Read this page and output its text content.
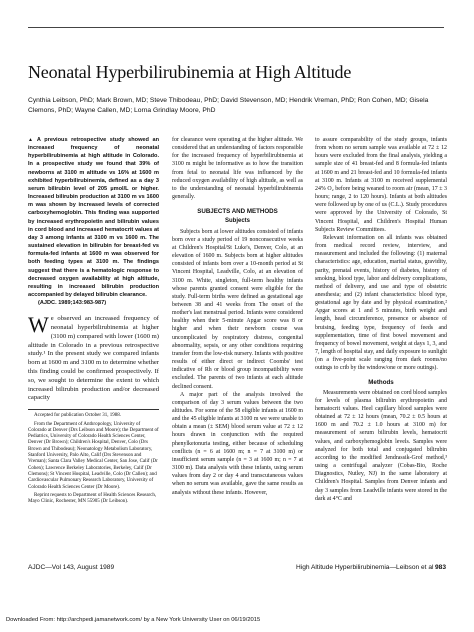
Neonatal Hyperbilirubinemia at High Altitude
Cynthia Leibson, PhD; Mark Brown, MD; Steve Thibodeau, PhD; David Stevenson, MD; Hendrik Vreman, PhD; Ron Cohen, MD; Gisela Clemons, PhD; Wayne Callen, MD; Lorna Grindlay Moore, PhD
▲ A previous retrospective study showed an increased frequency of neonatal hyperbilirubinemia at high altitude in Colorado. In a prospective study we found that 39% of newborns at 3100 m altitude vs 16% at 1600 m exhibited hyperbilirubinemia, defined as a day 3 serum bilirubin level of 205 µmol/L or higher. Increased bilirubin production at 3100 m vs 1600 m was shown by increased levels of corrected carboxyhemoglobin. This finding was supported by increased erythropoietin and bilirubin values in cord blood and increased hematocrit values at day 3 among infants at 3100 m vs 1600 m. The sustained elevation in bilirubin for breast-fed vs formula-fed infants at 1600 m was observed for both feeding types at 3100 m. The findings suggest that there is a hematologic response to decreased oxygen availability at high altitude, resulting in increased bilirubin production accompanied by delayed bilirubin clearance.
(AJDC. 1989;143:983-987)
We observed an increased frequency of neonatal hyperbilirubinemia at higher (3100 m) compared with lower (1600 m) altitude in Colorado in a previous retrospective study.¹ In the present study we compared infants born at 1600 m and 3100 m to determine whether this finding could be confirmed prospectively. If so, we sought to determine the extent to which increased bilirubin production and/or decreased capacity

Accepted for publication October 31, 1988.

From the Department of Anthropology, University of Colorado at Denver (Drs Leibson and Moore); the Department of Pediatrics, University of Colorado Health Sciences Center, Denver (Dr Brown); Children's Hospital, Denver, Colo (Drs Brown and Thibodeau); Neonatology Metabolism Laboratory, Stanford University, Palo Alto, Calif (Drs Stevenson and Vreman); Santa Clara Valley Medical Center, San Jose, Calif (Dr Cohen); Lawrence Berkeley Laboratories, Berkeley, Calif (Dr Clemons); St Vincent Hospital, Leadville, Colo (Dr Callen); and Cardiovascular Pulmonary Research Laboratory, University of Colorado Health Sciences Center (Dr Moore).

Reprint requests to Department of Health Sciences Research, Mayo Clinic, Rochester, MN 55905 (Dr Leibson).

for clearance were operating at the higher altitude. We considered that an understanding of factors responsible for the increased frequency of hyperbilirubinemia at 3100 m might be informative as to how the transition from fetal to neonatal life was influenced by the reduced oxygen availability of high altitude, as well as to the understanding of neonatal hyperbilirubinemia generally.

SUBJECTS AND METHODS
Subjects

Subjects born at lower altitudes consisted of infants born over a study period of 19 nonconsecutive weeks at Children's Hospital/St Luke's, Denver, Colo, at an elevation of 1600 m. Subjects born at higher altitudes consisted of infants born over a 10-month period at St Vincent Hospital, Leadville, Colo, at an elevation of 3100 m. White, singleton, full-term healthy infants whose parents granted consent were eligible for the study. Full-term births were defined as gestational age between 38 and 41 weeks from The onset of the mother's last menstrual period. Infants were considered healthy when their 5-minute Apgar score was 8 or higher and when their newborn course was uncomplicated by respiratory distress, congenital abnormality, sepsis, or any other conditions requiring transfer from the low-risk nursery. Infants with positive results of either direct or indirect Coombs' test indicative of Rh or blood group incompatibility were excluded. The parents of two infants at each altitude declined consent.

A major part of the analysis involved the comparison of day 3 serum values between the two altitudes. For some of the 58 eligible infants at 1600 m and the 45 eligible infants at 3100 m we were unable to obtain a mean (± SEM) blood serum value at 72 ± 12 hours drawn in conjunction with the required phenylketonuria testing, either because of scheduling conflicts (n = 6 at 1600 m; n = 7 at 3100 m) or insufficient serum sample (n = 3 at 1600 m; n = 7 at 3100 m). Data analysis with these infants, using serum values from day 2 or day 4 and transcutaneous values when no serum was available, gave the same results as analysis without these infants. However,

to assure comparability of the study groups, infants from whom no serum sample was available at 72 ± 12 hours were excluded from the final analysis, yielding a sample size of 41 breast-fed and 8 formula-fed infants at 1600 m and 21 breast-fed and 10 formula-fed infants at 3100 m. Infants at 3100 m received supplemental 24% O₂ before being weaned to room air (mean, 17 ± 3 hours; range, 2 to 120 hours). Infants at both altitudes were followed up by one of us (C.L.). Study procedures were approved by the University of Colorado, St Vincent Hospital, and Children's Hospital Human Subjects Review Committees.

Relevant information on all infants was obtained from medical record review, interview, and measurement and included the following: (1) maternal characteristics: age, education, marital status, gravidity, parity, prenatal events, history of diabetes, history of smoking, blood type, labor and delivery complications, method of delivery, and use and type of obstetric anesthesia; and (2) infant characteristics: blood type, gestational age by date and by physical examination,² Apgar scores at 1 and 5 minutes, birth weight and length, head circumference, presence or absence of bruising, feeding type, frequency of feeds and supplementation, time of first bowel movement and frequency of bowel movement, weight at days 1, 3, and 7, length of hospital stay, and daily exposure to sunlight (on a five-point scale ranging from dark rooms/no outings to crib by the window/one or more outings).

Methods

Measurements were obtained on cord blood samples for levels of plasma bilirubin erythropoietin and hematocrit values. Heel capillary blood samples were obtained at 72 ± 12 hours (mean, 70.2 ± 0.5 hours at 1600 m and 70.2 ± 1.0 hours at 3100 m) for measurement of serum bilirubin levels, hematocrit values, and carboxyhemoglobin levels. Samples were analyzed for both total and conjugated bilirubin according to the modified Jendrassik-Grof method,³ using a centrifugal analyzer (Cobas-Bio, Roche Diagnostics, Nutley, NJ) in the same laboratory at Children's Hospital. Samples from Denver infants and day 3 samples from Leadville infants were stored in the dark at 4°C and

AJDC—Vol 143, August 1989	High Altitude Hyperbilirubinemia—Leibson et al 983
Downloaded From: http://archpedi.jamanetwork.com/ by a New York University User on 06/19/2015
